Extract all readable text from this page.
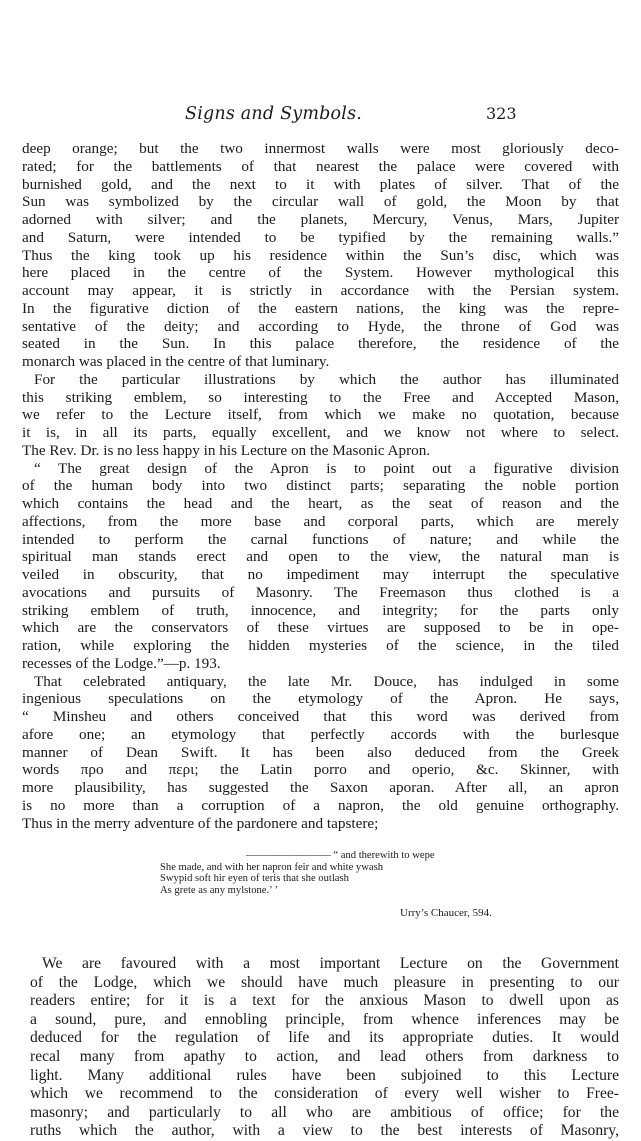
Signs and Symbols.	323
deep orange; but the two innermost walls were most gloriously deco-
rated; for the battlements of that nearest the palace were covered with
burnished gold, and the next to it with plates of silver. That of the
Sun was symbolized by the circular wall of gold, the Moon by that
adorned with silver; and the planets, Mercury, Venus, Mars, Jupiter
and Saturn, were intended to be typified by the remaining walls.”
Thus the king took up his residence within the Sun’s disc, which was
here placed in the centre of the System. However mythological this
account may appear, it is strictly in accordance with the Persian system.
In the figurative diction of the eastern nations, the king was the repre-
sentative of the deity; and according to Hyde, the throne of God was
seated in the Sun. In this palace therefore, the residence of the
monarch was placed in the centre of that luminary.
For the particular illustrations by which the author has illuminated
this striking emblem, so interesting to the Free and Accepted Mason,
we refer to the Lecture itself, from which we make no quotation, because
it is, in all its parts, equally excellent, and we know not where to select.
The Rev. Dr. is no less happy in his Lecture on the Masonic Apron.
“ The great design of the Apron is to point out a figurative division
of the human body into two distinct parts; separating the noble portion
which contains the head and the heart, as the seat of reason and the
affections, from the more base and corporal parts, which are merely
intended to perform the carnal functions of nature; and while the
spiritual man stands erect and open to the view, the natural man is
veiled in obscurity, that no impediment may interrupt the speculative
avocations and pursuits of Masonry. The Freemason thus clothed is a
striking emblem of truth, innocence, and integrity; for the parts only
which are the conservators of these virtues are supposed to be in ope-
ration, while exploring the hidden mysteries of the science, in the tiled
recesses of the Lodge.”—p. 193.
That celebrated antiquary, the late Mr. Douce, has indulged in some
ingenious speculations on the etymology of the Apron. He says,
“ Minsheu and others conceived that this word was derived from
afore one; an etymology that perfectly accords with the burlesque
manner of Dean Swift. It has been also deduced from the Greek
words πρo and περι; the Latin porro and operio, &c. Skinner, with
more plausibility, has suggested the Saxon aporan. After all, an apron
is no more than a corruption of a napron, the old genuine orthography.
Thus in the merry adventure of the pardonere and tapstere;
———————— “ and therewith to wepe
She made, and with her napron feir and white ywash
Swypid soft hir eyen of teris that she outlash
As grete as any mylstone.’ ’
Urry’s Chaucer, 594.
We are favoured with a most important Lecture on the Government
of the Lodge, which we should have much pleasure in presenting to our
readers entire; for it is a text for the anxious Mason to dwell upon as
a sound, pure, and ennobling principle, from whence inferences may be
deduced for the regulation of life and its appropriate duties. It would
recal many from apathy to action, and lead others from darkness to
light. Many additional rules have been subjoined to this Lecture
which we recommend to the consideration of every well wisher to Free-
masonry; and particularly to all who are ambitious of office; for the
ruths which the author, with a view to the best interests of Masonry,
